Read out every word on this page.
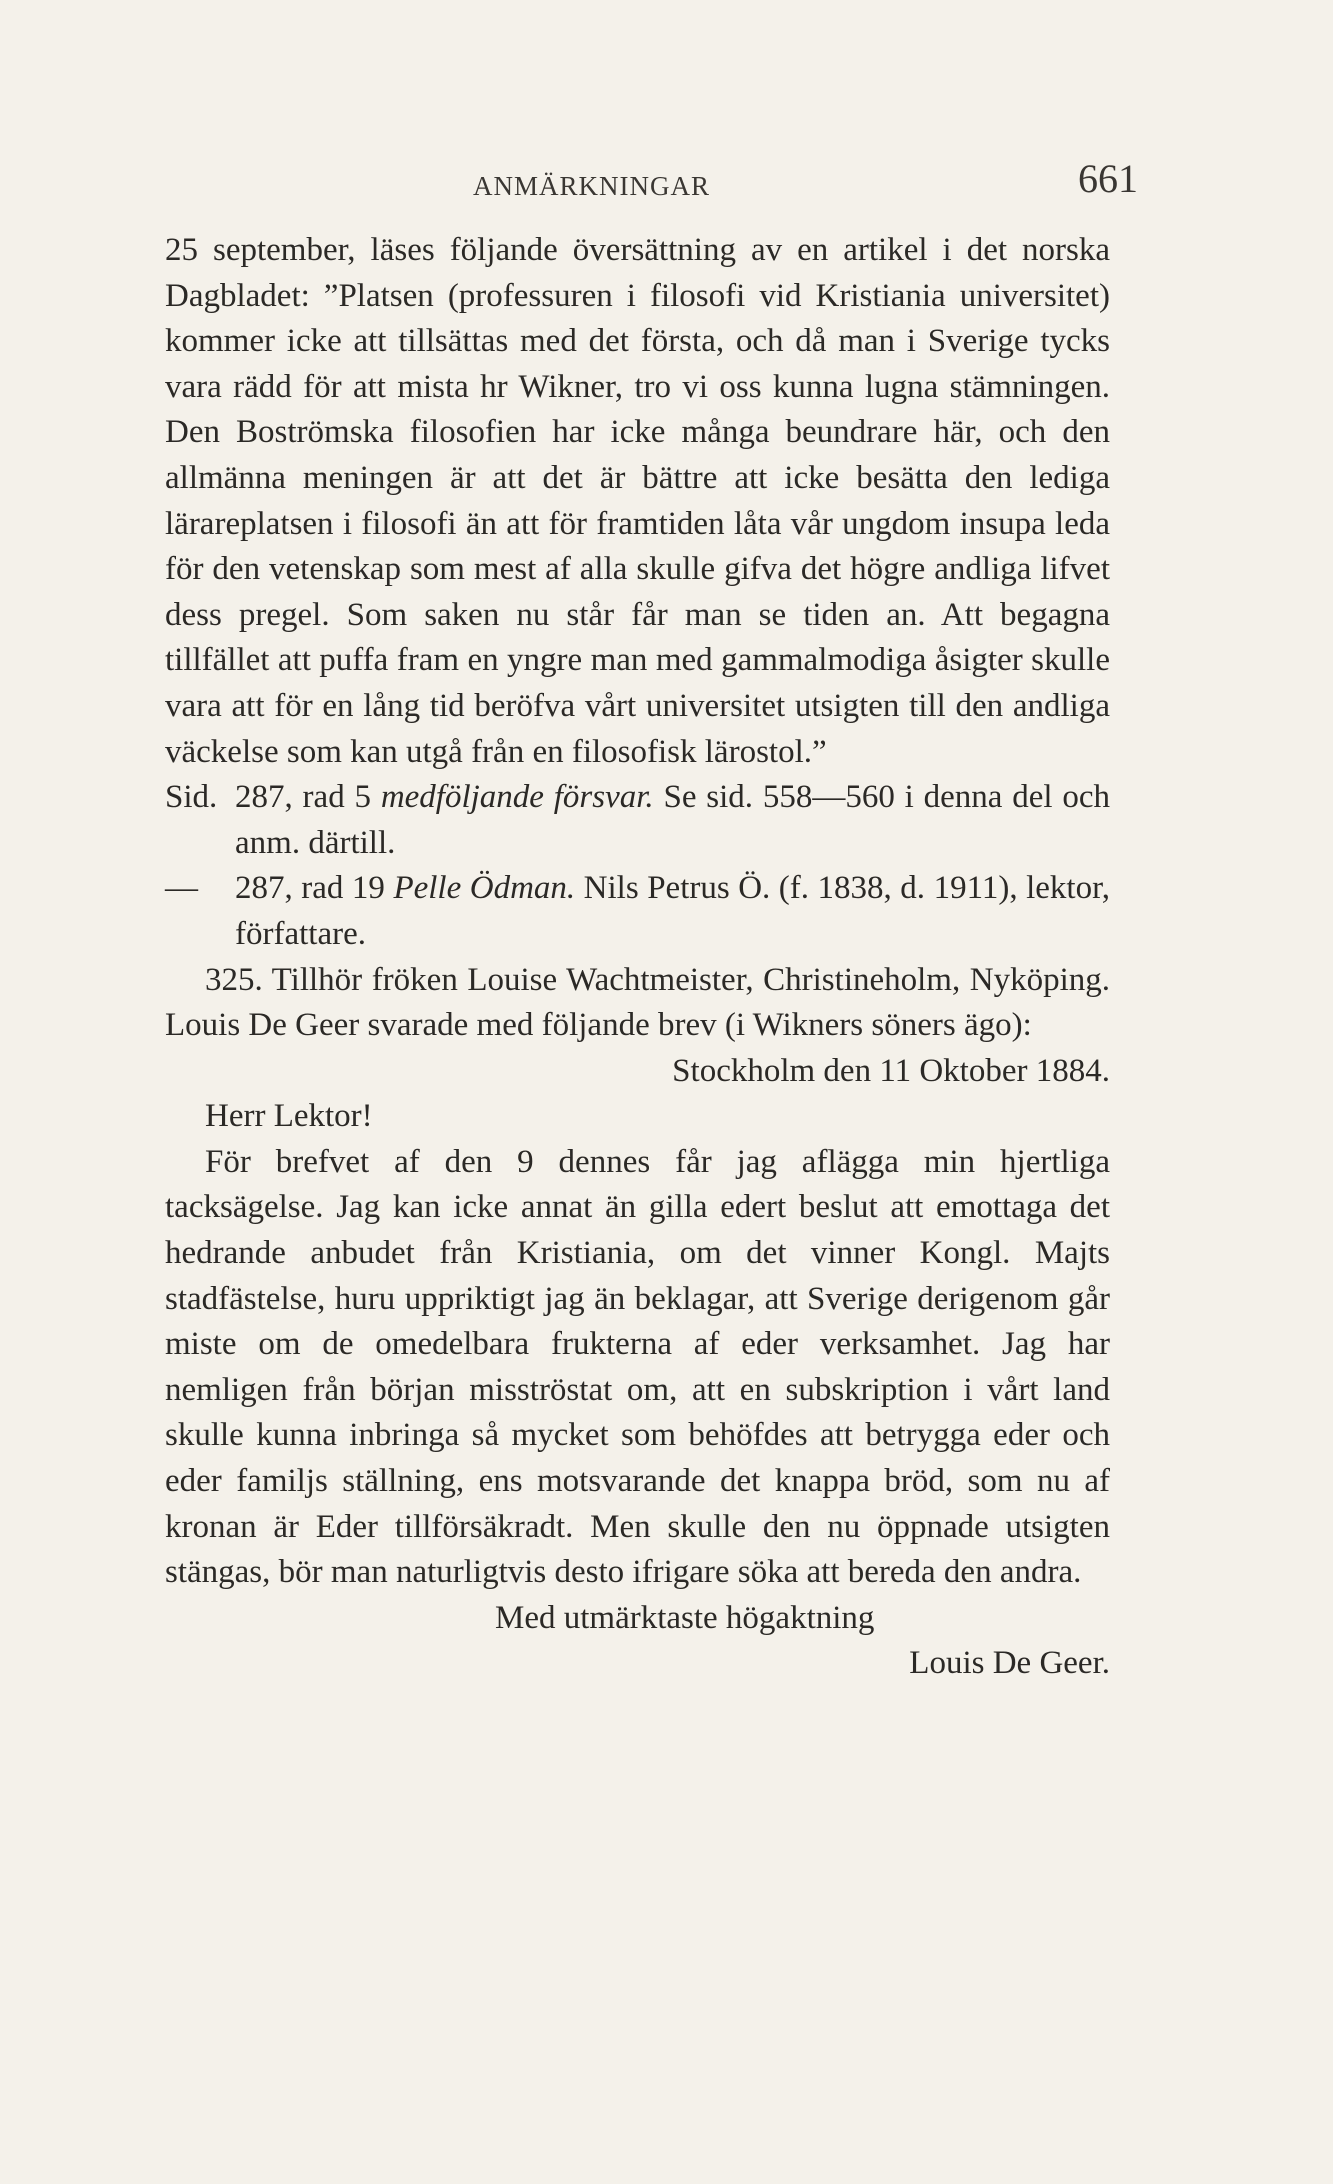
ANMÄRKNINGAR	661

25 september, läses följande översättning av en artikel i det norska Dagbladet: ”Platsen (professuren i filosofi vid Kristiania universitet) kommer icke att tillsättas med det första, och då man i Sverige tycks vara rädd för att mista hr Wikner, tro vi oss kunna lugna stämningen. Den Boströmska filosofien har icke många beundrare här, och den allmänna meningen är att det är bättre att icke besätta den lediga lärareplatsen i filosofi än att för framtiden låta vår ungdom insupa leda för den vetenskap som mest af alla skulle gifva det högre andliga lifvet dess pregel. Som saken nu står får man se tiden an. Att begagna tillfället att puffa fram en yngre man med gammalmodiga åsigter skulle vara att för en lång tid beröfva vårt universitet utsigten till den andliga väckelse som kan utgå från en filosofisk lärostol.”

Sid. 287, rad 5 medföljande försvar. Se sid. 558—560 i denna del och anm. därtill.
—	287, rad 19 Pelle Ödman. Nils Petrus Ö. (f. 1838, d. 1911), lektor, författare.

325. Tillhör fröken Louise Wachtmeister, Christineholm, Nyköping. Louis De Geer svarade med följande brev (i Wikners söners ägo):

Stockholm den 11 Oktober 1884.

Herr Lektor!

För brefvet af den 9 dennes får jag aflägga min hjertliga tacksägelse. Jag kan icke annat än gilla edert beslut att emottaga det hedrande anbudet från Kristiania, om det vinner Kongl. Majts stadfästelse, huru uppriktigt jag än beklagar, att Sverige derigenom går miste om de omedelbara frukterna af eder verksamhet. Jag har nemligen från början misströstat om, att en subskription i vårt land skulle kunna inbringa så mycket som behöfdes att betrygga eder och eder familjs ställning, ens motsvarande det knappa bröd, som nu af kronan är Eder tillförsäkradt. Men skulle den nu öppnade utsigten stängas, bör man naturligtvis desto ifrigare söka att bereda den andra.

Med utmärktaste högaktning

Louis De Geer.
